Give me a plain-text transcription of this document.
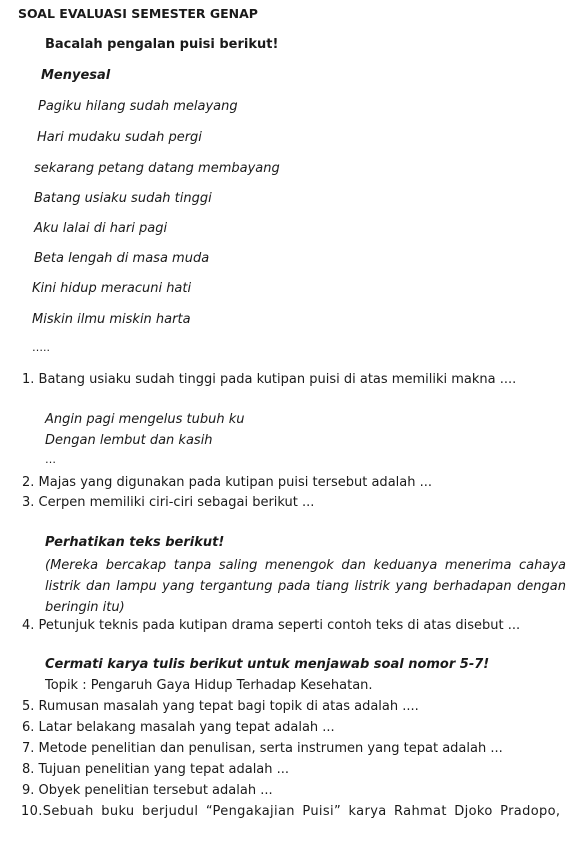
SOAL EVALUASI SEMESTER GENAP
Bacalah pengalan puisi berikut!
Menyesal
Pagiku hilang sudah melayang
Hari mudaku sudah pergi
sekarang petang datang membayang
Batang usiaku sudah tinggi
Aku lalai di hari pagi
Beta lengah di masa muda
Kini hidup meracuni hati
Miskin ilmu miskin harta
…..
1. Batang usiaku sudah tinggi pada kutipan puisi di atas memiliki makna ....
Angin pagi mengelus tubuh ku
Dengan lembut dan kasih
…
2. Majas yang digunakan pada kutipan puisi tersebut adalah ...
3. Cerpen memiliki ciri-ciri sebagai berikut ...
Perhatikan teks berikut!
(Mereka bercakap tanpa saling menengok dan keduanya menerima cahaya listrik dan lampu yang tergantung pada tiang listrik yang berhadapan dengan beringin itu)
4. Petunjuk teknis pada kutipan drama seperti contoh teks di atas disebut ...
Cermati karya tulis berikut untuk menjawab soal nomor 5-7!
Topik : Pengaruh Gaya Hidup Terhadap Kesehatan.
5. Rumusan masalah yang tepat bagi topik di atas adalah ....
6. Latar belakang masalah yang tepat adalah ...
7. Metode penelitian dan penulisan, serta instrumen yang tepat adalah ...
8. Tujuan penelitian yang tepat adalah ...
9. Obyek penelitian tersebut adalah ...
10.Sebuah buku berjudul “Pengakajian Puisi” karya Rahmat Djoko Pradopo,
